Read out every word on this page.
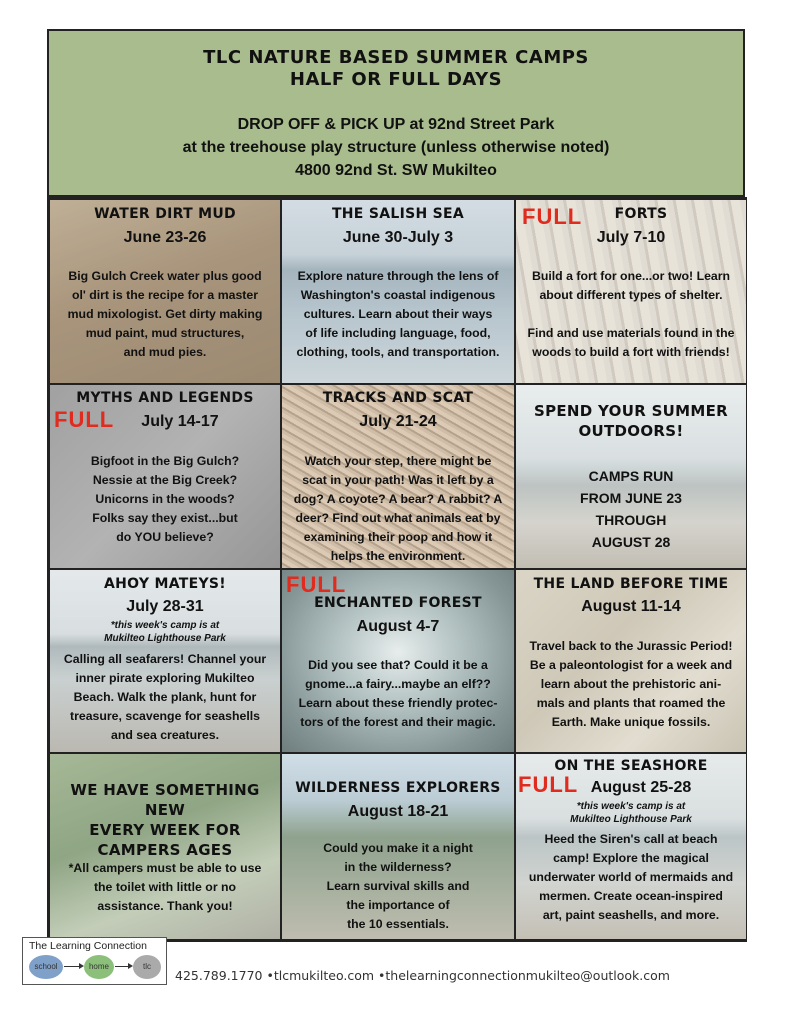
TLC NATURE BASED SUMMER CAMPS
HALF OR FULL DAYS
DROP OFF & PICK UP at 92nd Street Park
at the treehouse play structure (unless otherwise noted)
4800 92nd St. SW Mukilteo
WATER DIRT MUD
June 23-26
Big Gulch Creek water plus good
ol' dirt is the recipe for a master
mud mixologist. Get dirty making
mud paint, mud structures,
and mud pies.
THE SALISH SEA
June 30-July 3
Explore nature through the lens of
Washington's coastal indigenous
cultures. Learn about their ways
of life including language, food,
clothing, tools, and transportation.
FULL	FORTS
July 7-10
Build a fort for one...or two! Learn
about different types of shelter.
Find and use materials found in the
woods to build a fort with friends!
MYTHS AND LEGENDS
FULL	July 14-17
Bigfoot in the Big Gulch?
Nessie at the Big Creek?
Unicorns in the woods?
Folks say they exist...but
do YOU believe?
TRACKS AND SCAT
July 21-24
Watch your step, there might be
scat in your path! Was it left by a
dog? A coyote? A bear? A rabbit? A
deer? Find out what animals eat by
examining their poop and how it
helps the environment.
SPEND YOUR SUMMER
OUTDOORS!
CAMPS RUN
FROM JUNE 23
THROUGH
AUGUST 28
AHOY MATEYS!
July 28-31
*this week's camp is at
Mukilteo Lighthouse Park
Calling all seafarers! Channel your
inner pirate exploring Mukilteo
Beach. Walk the plank, hunt for
treasure, scavenge for seashells
and sea creatures.
FULL
ENCHANTED FOREST
August 4-7
Did you see that? Could it be a
gnome...a fairy...maybe an elf??
Learn about these friendly protec-
tors of the forest and their magic.
THE LAND BEFORE TIME
August 11-14
Travel back to the Jurassic Period!
Be a paleontologist for a week and
learn about the prehistoric ani-
mals and plants that roamed the
Earth. Make unique fossils.
WE HAVE SOMETHING NEW
EVERY WEEK FOR
CAMPERS AGES
*All campers must be able to use
the toilet with little or no
assistance. Thank you!
WILDERNESS EXPLORERS
August 18-21
Could you make it a night
in the wilderness?
Learn survival skills and
the importance of
the 10 essentials.
ON THE SEASHORE
FULL August 25-28
*this week's camp is at
Mukilteo Lighthouse Park
Heed the Siren's call at beach
camp! Explore the magical
underwater world of mermaids and
mermen. Create ocean-inspired
art, paint seashells, and more.
The Learning Connection
school	home	tlc
425.789.1770 •tlcmukilteo.com •thelearningconnectionmukilteo@outlook.com
